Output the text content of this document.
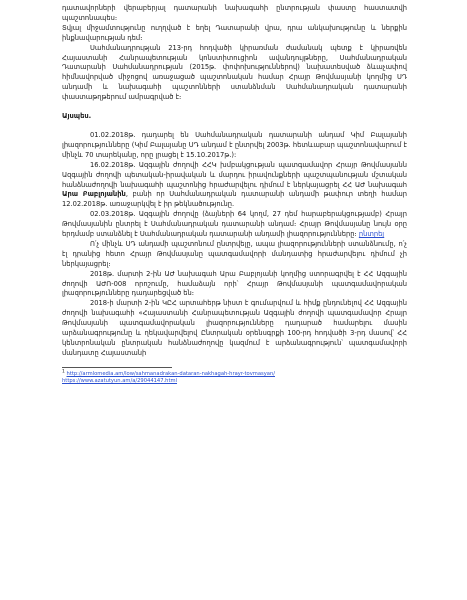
դատավորների վերաբերյալ դատարանի նախագահի ընտրության փաստը հաստատվի պաշտոնապես։

Տվյալ միջամտությունը ուղղված է եղել Դատարանի վրա, դրա անկախությունը և ներքին ինքնավարության դեմ։

Սահմանադրության 213-րդ հոդվածի կիրառման ժամանակ պետք է կիրառվեն Հայաստանի Հանրապետության կոնստիտուցիոն ավանդույթները, Սահմանադրական Դատարանի Սահմանադրության (2015թ. փոփոխություններով) նախատեսված ձևաչափով հիմնավորված միջոցով առաջացած պաշտոնական համար Հրայր Թովմասյանի կողմից ՍԴ անդամի և նախագահի պաշտոնների ստանձնման Սահմանադրական դատարանի փաստաթղթերում ամրագրված է։

Այսպես.

01.02.2018թ. դադարել են Սահմանադրական դատարանի անդամ Կիմ Բալայանի լիազորությունները (Կիմ Բալայանը ՍԴ անդամ է ընտրվել 2003թ. հետևաբար պաշտոնավարում է մինչև 70 տարեկանը, որը լրացել է 15.10.2017թ.):

16.02.2018թ. Ազգային ժողովի ՀՀԿ խմբակցության պատգամավոր Հրայր Թովմասյանն Ազգային ժողովի պետական-իրավական և մարդու իրավունքների պաշտպանության մշտական հանձնաժողովի նախագահի պաշտոնից հրաժարվելու դիմում է ներկայացրել ՀՀ ԱԺ նախագահ Արա Բաբլոյանին, բանի որ Սահմանադրական դատարանի անդամի թափուր տեղի համար 12.02.2018թ. առաջարկվել է իր թեկնածությունը.

02.03.2018թ. Ազգային ժողովը (ձայների 64 կողմ, 27 դեմ հարաբերակցությամբ) Հրայր Թովմասյանին ընտրել է Սահմանադրական դատարանի անդամ։ Հրայր Թովմասյանը նույն օրը երդմամբ ստանձնել է Սահմանադրական դատարանի անդամի լիազորությունները։ ընտրել

Ո՛չ մինչև ՍԴ անդամի պաշտոնում ընտրվելը, ապա լիազորությունների ստանձնումը, ո՛չ էլ դրանից հետո Հրայր Թովմասյանը պատգամավորի մանդատից հրաժարվելու դիմում չի ներկայացրել։

2018թ. մարտի 2-ին ԱԺ նախագահ Արա Բաբլոյանի կողմից ստորագրվել է ՀՀ Ազգային ժողովի ԱԺՈ-008 որոշումը, համաձայն որի՝ Հրայր Թովմասյանի պատգամավորական լիազորությունները դադարեցված են։

2018-ի մարտի 2-ին ԿԸՀ արտահերթ նիստ է գումարվում և հիմք ընդունելով ՀՀ Ազգային ժողովի նախագահի «Հայաստանի Հանրապետության Ազգային ժողովի պատգամավոր Հրայր Թովմասյանի պատգամավորական լիազորությունները դադարած համարելու մասին արձանագրությունը և ղեկավարվելով Ընտրական օրենսգրքի 100-րդ հոդվածի 3-րդ մասով՝ ՀՀ կենտրոնական ընտրական հանձնաժողովը կազմում է արձանագրություն՝ պատգամավորի մանդատը Հայաստանի

1 http://armlomedia.am/low/sahmanadrakan-dataran-nakhagah-hrayr-tovmasyan/

https://www.azatutyun.am/a/29044147.html
